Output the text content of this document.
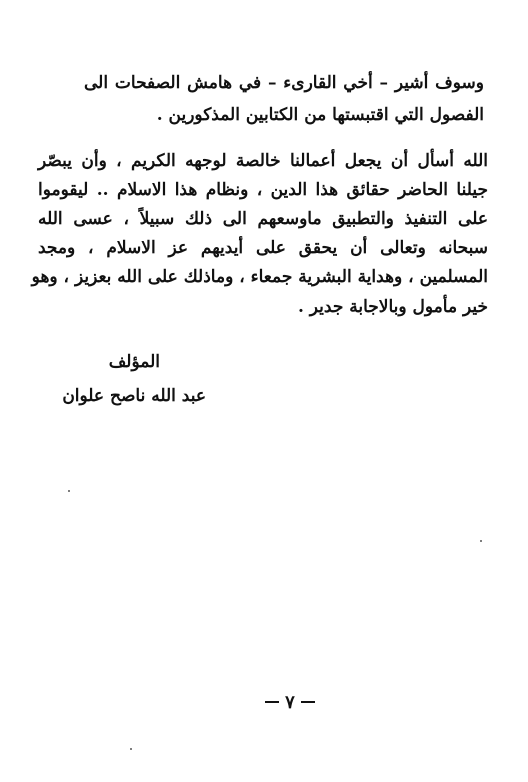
وسوف أشير – أخي القارىء – في هامش الصفحات الى
الفصول التي اقتبستها من الكتابين المذكورين .
الله أسأل أن يجعل أعمالنا خالصة لوجهه الكريم ، وأن يبصّر
جيلنا الحاضر حقائق هذا الدين ، ونظام هذا الاسلام .. ليقوموا
على التنفيذ والتطبيق ماوسعهم الى ذلك سبيلاً ، عسى الله
سبحانه وتعالى أن يحقق على أيديهم عز الاسلام ، ومجد
المسلمين ، وهداية البشرية جمعاء ، وماذلك على الله بعزيز ، وهو
خير مأمول وبالاجابة جدير .
المؤلف
عبد الله ناصح علوان
٧
